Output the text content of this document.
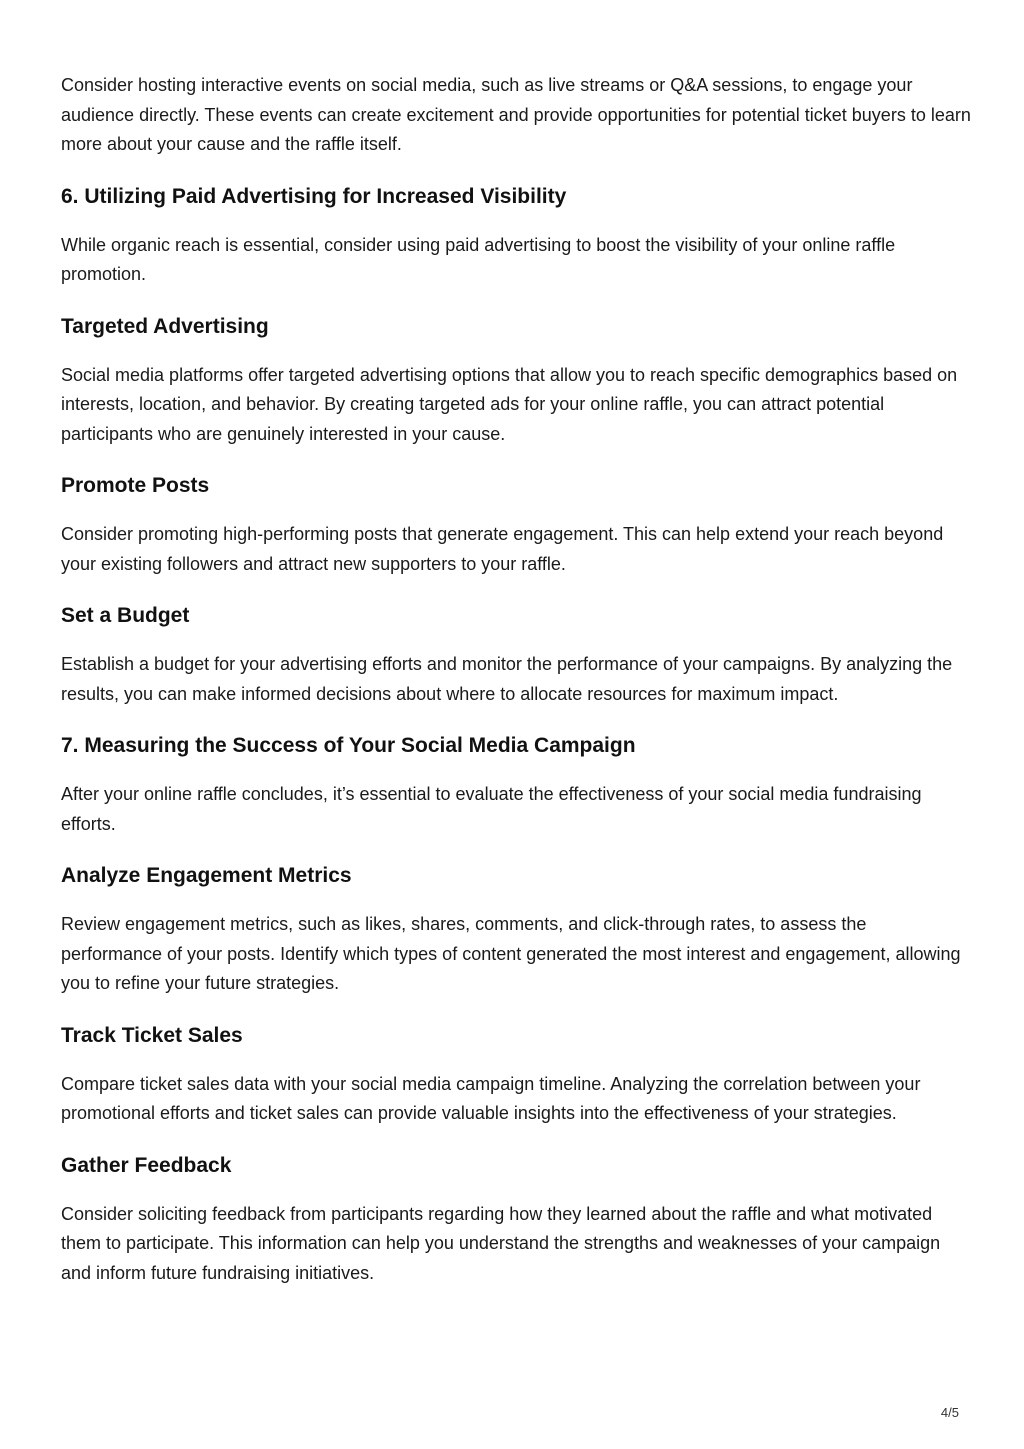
Consider hosting interactive events on social media, such as live streams or Q&A sessions, to engage your audience directly. These events can create excitement and provide opportunities for potential ticket buyers to learn more about your cause and the raffle itself.

6. Utilizing Paid Advertising for Increased Visibility

While organic reach is essential, consider using paid advertising to boost the visibility of your online raffle promotion.

Targeted Advertising

Social media platforms offer targeted advertising options that allow you to reach specific demographics based on interests, location, and behavior. By creating targeted ads for your online raffle, you can attract potential participants who are genuinely interested in your cause.

Promote Posts

Consider promoting high-performing posts that generate engagement. This can help extend your reach beyond your existing followers and attract new supporters to your raffle.

Set a Budget

Establish a budget for your advertising efforts and monitor the performance of your campaigns. By analyzing the results, you can make informed decisions about where to allocate resources for maximum impact.

7. Measuring the Success of Your Social Media Campaign

After your online raffle concludes, it’s essential to evaluate the effectiveness of your social media fundraising efforts.

Analyze Engagement Metrics

Review engagement metrics, such as likes, shares, comments, and click-through rates, to assess the performance of your posts. Identify which types of content generated the most interest and engagement, allowing you to refine your future strategies.

Track Ticket Sales

Compare ticket sales data with your social media campaign timeline. Analyzing the correlation between your promotional efforts and ticket sales can provide valuable insights into the effectiveness of your strategies.

Gather Feedback

Consider soliciting feedback from participants regarding how they learned about the raffle and what motivated them to participate. This information can help you understand the strengths and weaknesses of your campaign and inform future fundraising initiatives.

4/5
